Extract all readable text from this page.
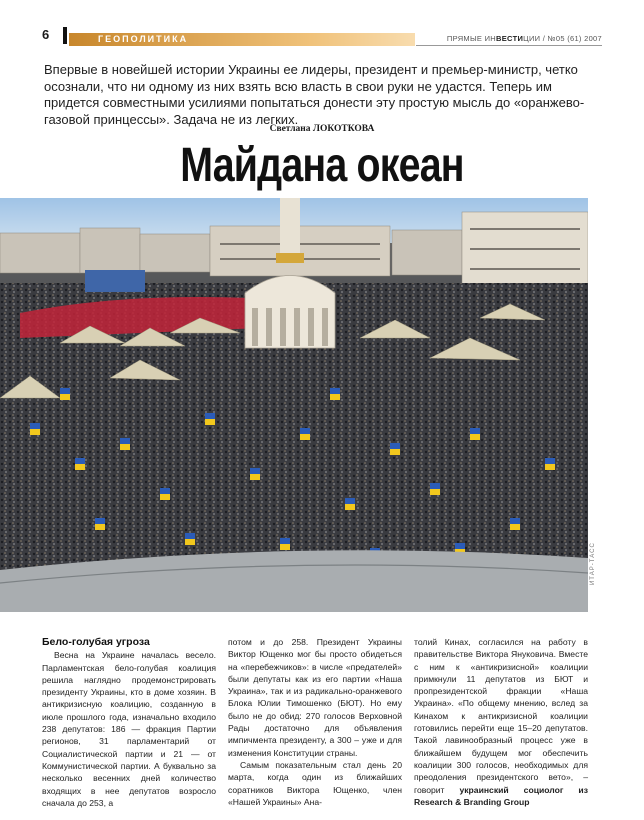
6	ГЕОПОЛИТИКА	ПРЯМЫЕ ИНВЕСТИЦИИ / №05 (61) 2007

Впервые в новейшей истории Украины ее лидеры, президент и премьер-министр, четко осознали, что ни одному из них взять всю власть в свои руки не удастся. Теперь им придется совместными усилиями попытаться донести эту простую мысль до «оранжево-газовой принцессы». Задача не из легких.

Светлана ЛОКОТКОВА

Майдана океан
ИТАР-ТАСС
Бело-голубая угроза

Весна на Украине началась весело. Парламентская бело-голубая коалиция решила наглядно продемонстрировать президенту Украины, кто в доме хозяин. В антикризисную коалицию, созданную в июле прошлого года, изначально входило 238 депутатов: 186 — фракция Партии регионов, 31 парламентарий от Социалистической партии и 21 — от Коммунистической партии. А буквально за несколько весенних дней количество входящих в нее депутатов возросло сначала до 253, а

потом и до 258. Президент Украины Виктор Ющенко мог бы просто обидеться на «перебежчиков»: в числе «предателей» были депутаты как из его партии «Наша Украина», так и из радикально-оранжевого Блока Юлии Тимошенко (БЮТ). Но ему было не до обид: 270 голосов Верховной Рады достаточно для объявления импичмента президенту, а 300 – уже и для изменения Конституции страны.

Самым показательным стал день 20 марта, когда один из ближайших соратников Виктора Ющенко, член «Нашей Украины» Ана-

толий Кинах, согласился на работу в правительстве Виктора Януковича. Вместе с ним к «антикризисной» коалиции примкнули 11 депутатов из БЮТ и пропрезидентской фракции «Наша Украина». «По общему мнению, вслед за Кинахом к антикризисной коалиции готовились перейти еще 15–20 депутатов. Такой лавинообразный процесс уже в ближайшем будущем мог обеспечить коалиции 300 голосов, необходимых для преодоления президентского вето», – говорит украинский социолог из Research & Branding Group
